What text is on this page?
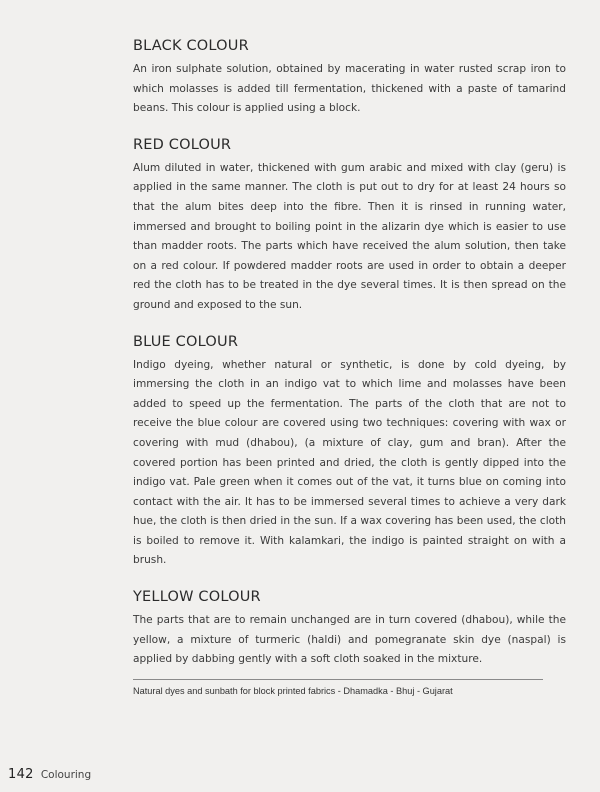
BLACK COLOUR

An iron sulphate solution, obtained by macerating in water rusted scrap iron to which molasses is added till fermentation, thickened with a paste of tamarind beans. This colour is applied using a block.

RED COLOUR

Alum diluted in water, thickened with gum arabic and mixed with clay (geru) is applied in the same manner. The cloth is put out to dry for at least 24 hours so that the alum bites deep into the fibre. Then it is rinsed in running water, immersed and brought to boiling point in the alizarin dye which is easier to use than madder roots. The parts which have received the alum solution, then take on a red colour. If powdered madder roots are used in order to obtain a deeper red the cloth has to be treated in the dye several times. It is then spread on the ground and exposed to the sun.

BLUE COLOUR

Indigo dyeing, whether natural or synthetic, is done by cold dyeing, by immersing the cloth in an indigo vat to which lime and molasses have been added to speed up the fermentation. The parts of the cloth that are not to receive the blue colour are covered using two techniques: covering with wax or covering with mud (dhabou), (a mixture of clay, gum and bran). After the covered portion has been printed and dried, the cloth is gently dipped into the indigo vat. Pale green when it comes out of the vat, it turns blue on coming into contact with the air. It has to be immersed several times to achieve a very dark hue, the cloth is then dried in the sun. If a wax covering has been used, the cloth is boiled to remove it. With kalamkari, the indigo is painted straight on with a brush.

YELLOW COLOUR

The parts that are to remain unchanged are in turn covered (dhabou), while the yellow, a mixture of turmeric (haldi) and pomegranate skin dye (naspal) is applied by dabbing gently with a soft cloth soaked in the mixture.

Natural dyes and sunbath for block printed fabrics - Dhamadka - Bhuj - Gujarat
142 Colouring
